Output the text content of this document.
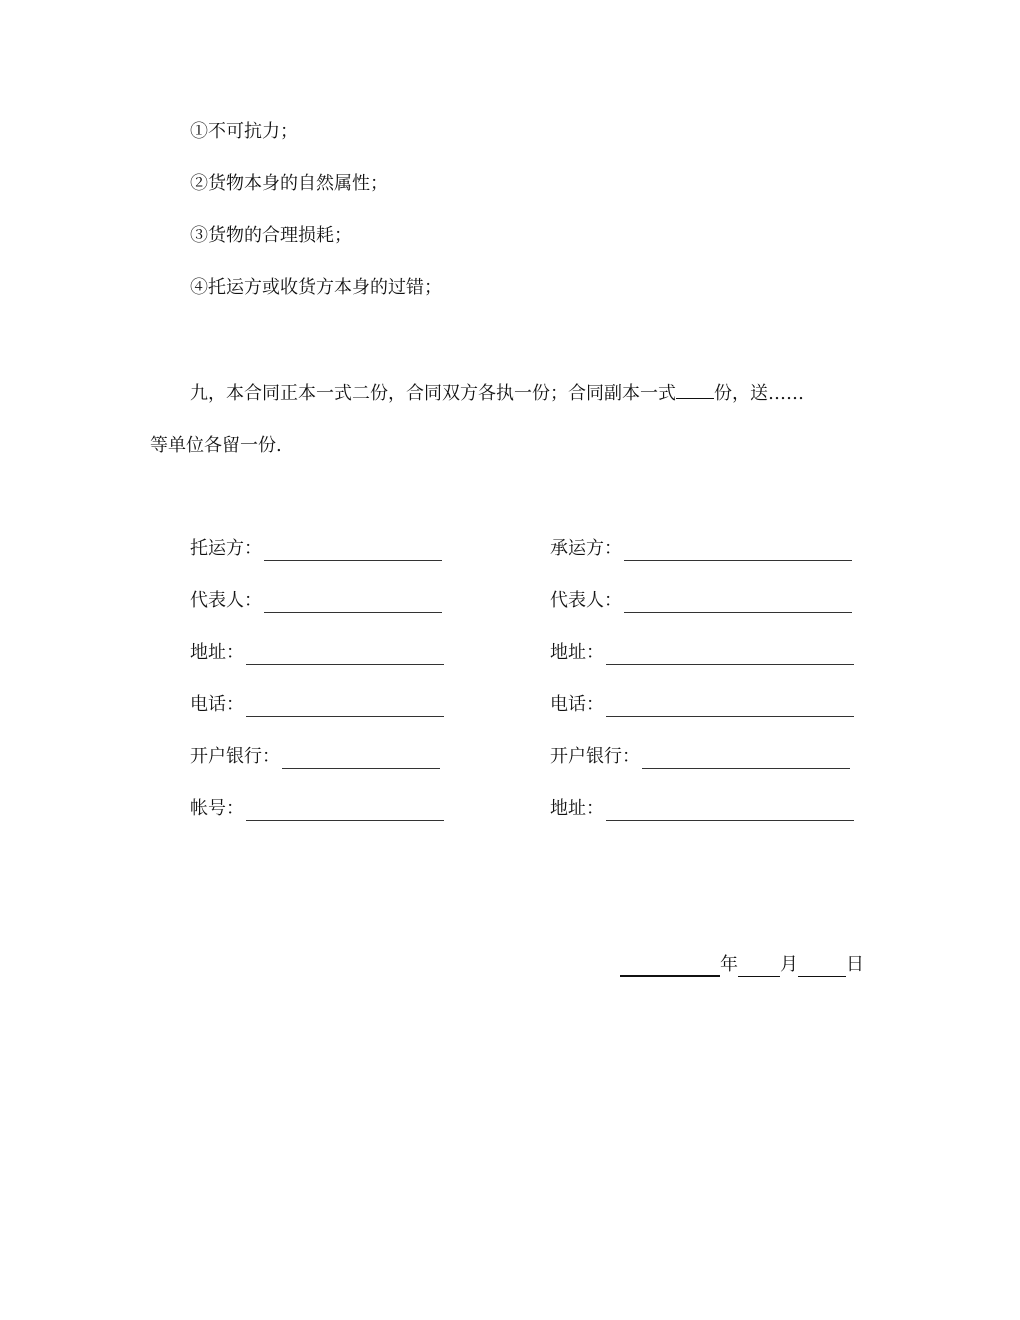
①不可抗力；
②货物本身的自然属性；
③货物的合理损耗；
④托运方或收货方本身的过错；
九，本合同正本一式二份，合同双方各执一份；合同副本一式 份，送……
等单位各留一份.
托运方：
代表人：
地址：
电话：
开户银行：
帐号：
承运方：
代表人：
地址：
电话：
开户银行：
地址：
年 月	日
